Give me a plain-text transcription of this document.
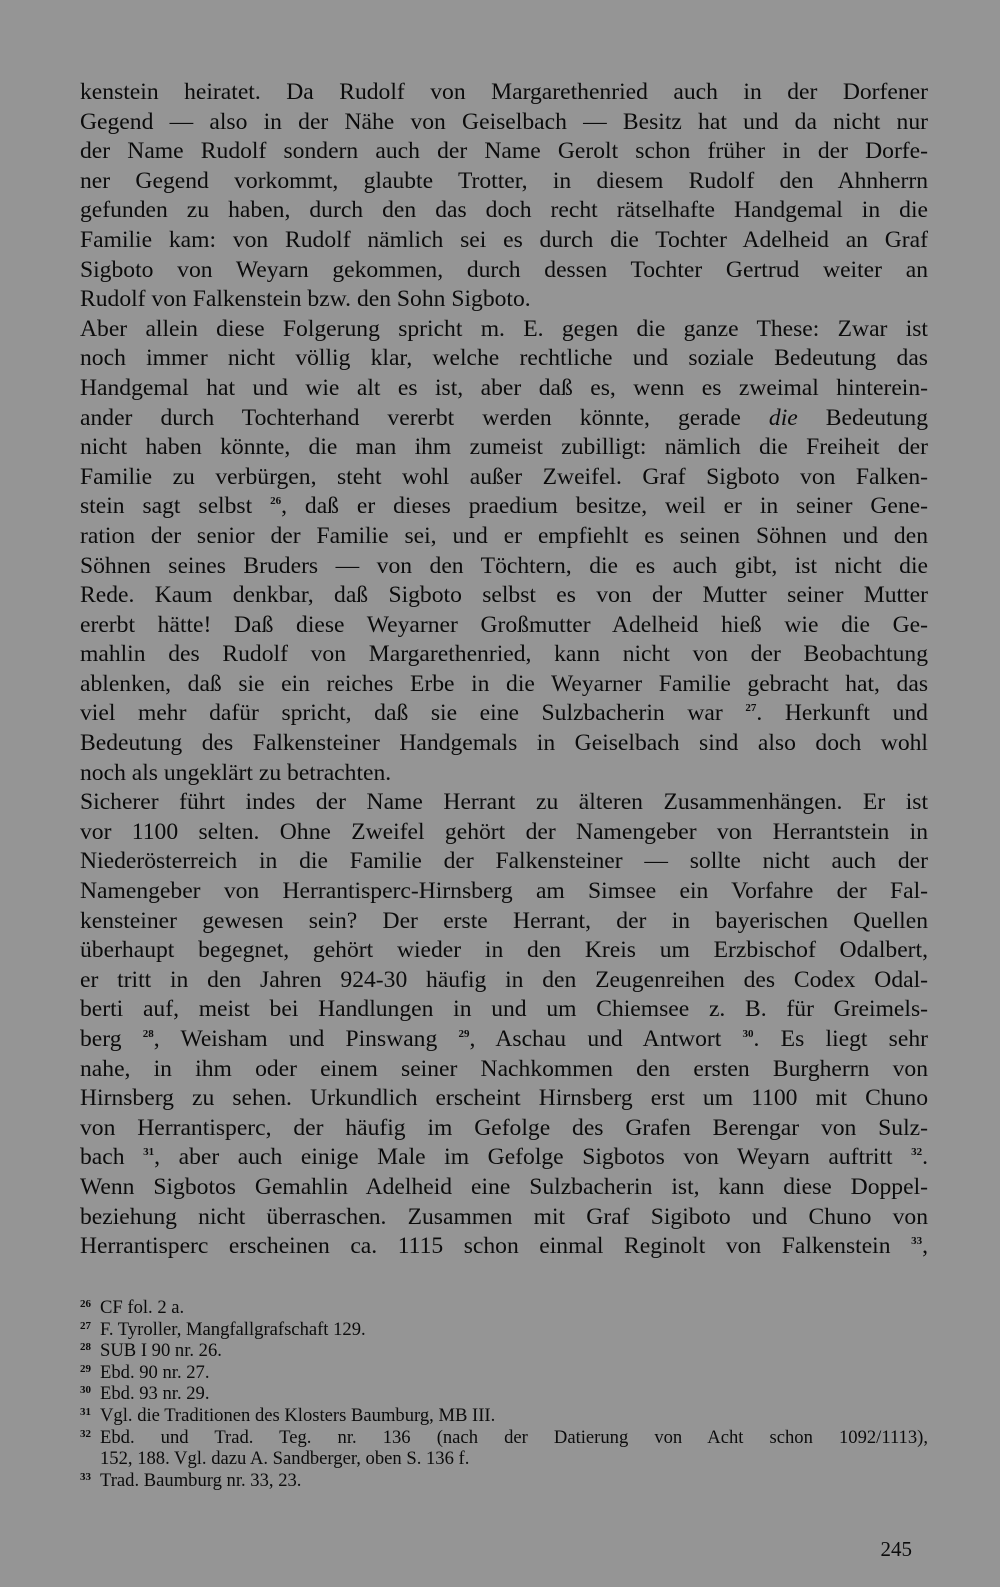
kenstein heiratet. Da Rudolf von Margarethenried auch in der Dorfener
Gegend — also in der Nähe von Geiselbach — Besitz hat und da nicht nur
der Name Rudolf sondern auch der Name Gerolt schon früher in der Dorfe-
ner Gegend vorkommt, glaubte Trotter, in diesem Rudolf den Ahnherrn
gefunden zu haben, durch den das doch recht rätselhafte Handgemal in die
Familie kam: von Rudolf nämlich sei es durch die Tochter Adelheid an Graf
Sigboto von Weyarn gekommen, durch dessen Tochter Gertrud weiter an
Rudolf von Falkenstein bzw. den Sohn Sigboto.
Aber allein diese Folgerung spricht m. E. gegen die ganze These: Zwar ist
noch immer nicht völlig klar, welche rechtliche und soziale Bedeutung das
Handgemal hat und wie alt es ist, aber daß es, wenn es zweimal hinterein-
ander durch Tochterhand vererbt werden könnte, gerade die Bedeutung
nicht haben könnte, die man ihm zumeist zubilligt: nämlich die Freiheit der
Familie zu verbürgen, steht wohl außer Zweifel. Graf Sigboto von Falken-
stein sagt selbst $^{26}$, daß er dieses praedium besitze, weil er in seiner Gene-
ration der senior der Familie sei, und er empfiehlt es seinen Söhnen und den
Söhnen seines Bruders — von den Töchtern, die es auch gibt, ist nicht die
Rede. Kaum denkbar, daß Sigboto selbst es von der Mutter seiner Mutter
ererbt hätte! Daß diese Weyarner Großmutter Adelheid hieß wie die Ge-
mahlin des Rudolf von Margarethenried, kann nicht von der Beobachtung
ablenken, daß sie ein reiches Erbe in die Weyarner Familie gebracht hat, das
viel mehr dafür spricht, daß sie eine Sulzbacherin war $^{27}$. Herkunft und
Bedeutung des Falkensteiner Handgemals in Geiselbach sind also doch wohl
noch als ungeklärt zu betrachten.
Sicherer führt indes der Name Herrant zu älteren Zusammenhängen. Er ist
vor 1100 selten. Ohne Zweifel gehört der Namengeber von Herrantstein in
Niederösterreich in die Familie der Falkensteiner — sollte nicht auch der
Namengeber von Herrantisperc-Hirnsberg am Simsee ein Vorfahre der Fal-
kensteiner gewesen sein? Der erste Herrant, der in bayerischen Quellen
überhaupt begegnet, gehört wieder in den Kreis um Erzbischof Odalbert,
er tritt in den Jahren 924-30 häufig in den Zeugenreihen des Codex Odal-
berti auf, meist bei Handlungen in und um Chiemsee z. B. für Greimels-
berg $^{28}$, Weisham und Pinswang $^{29}$, Aschau und Antwort $^{30}$. Es liegt sehr
nahe, in ihm oder einem seiner Nachkommen den ersten Burgherrn von
Hirnsberg zu sehen. Urkundlich erscheint Hirnsberg erst um 1100 mit Chuno
von Herrantisperc, der häufig im Gefolge des Grafen Berengar von Sulz-
bach $^{31}$, aber auch einige Male im Gefolge Sigbotos von Weyarn auftritt $^{32}$.
Wenn Sigbotos Gemahlin Adelheid eine Sulzbacherin ist, kann diese Doppel-
beziehung nicht überraschen. Zusammen mit Graf Sigiboto und Chuno von
Herrantisperc erscheinen ca. 1115 schon einmal Reginolt von Falkenstein $^{33}$,
26 CF fol. 2 a.
27 F. Tyroller, Mangfallgrafschaft 129.
28 SUB I 90 nr. 26.
29 Ebd. 90 nr. 27.
30 Ebd. 93 nr. 29.
31 Vgl. die Traditionen des Klosters Baumburg, MB III.
32 Ebd. und Trad. Teg. nr. 136 (nach der Datierung von Acht schon 1092/1113),
152, 188. Vgl. dazu A. Sandberger, oben S. 136 f.
33 Trad. Baumburg nr. 33, 23.
245
